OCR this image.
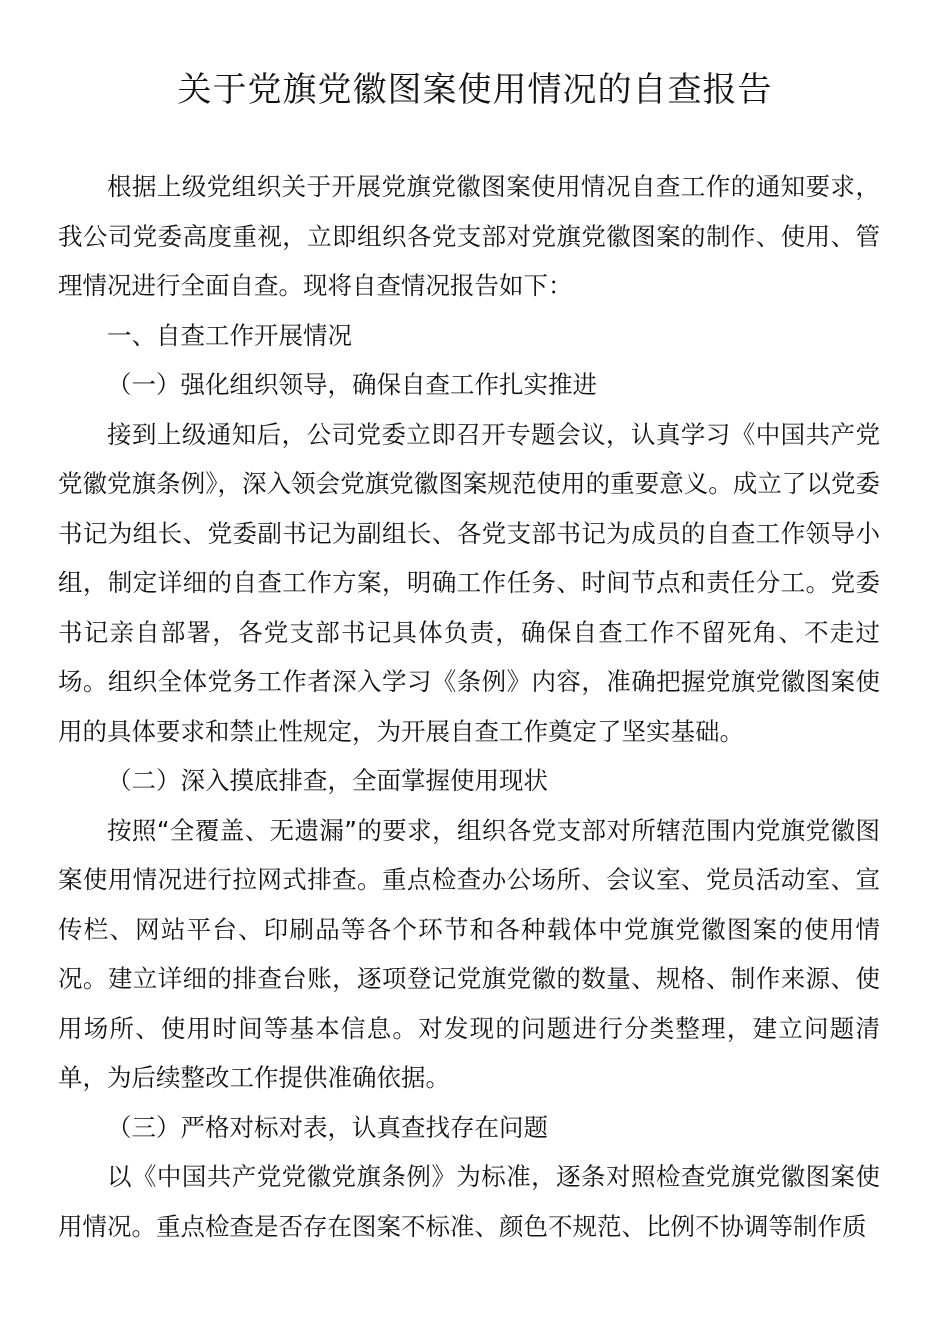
关于党旗党徽图案使用情况的自查报告

根据上级党组织关于开展党旗党徽图案使用情况自查工作的通知要求，我公司党委高度重视，立即组织各党支部对党旗党徽图案的制作、使用、管理情况进行全面自查。现将自查情况报告如下：

一、自查工作开展情况

（一）强化组织领导，确保自查工作扎实推进

接到上级通知后，公司党委立即召开专题会议，认真学习《中国共产党党徽党旗条例》，深入领会党旗党徽图案规范使用的重要意义。成立了以党委书记为组长、党委副书记为副组长、各党支部书记为成员的自查工作领导小组，制定详细的自查工作方案，明确工作任务、时间节点和责任分工。党委书记亲自部署，各党支部书记具体负责，确保自查工作不留死角、不走过场。组织全体党务工作者深入学习《条例》内容，准确把握党旗党徽图案使用的具体要求和禁止性规定，为开展自查工作奠定了坚实基础。

（二）深入摸底排查，全面掌握使用现状

按照“全覆盖、无遗漏”的要求，组织各党支部对所辖范围内党旗党徽图案使用情况进行拉网式排查。重点检查办公场所、会议室、党员活动室、宣传栏、网站平台、印刷品等各个环节和各种载体中党旗党徽图案的使用情况。建立详细的排查台账，逐项登记党旗党徽的数量、规格、制作来源、使用场所、使用时间等基本信息。对发现的问题进行分类整理，建立问题清单，为后续整改工作提供准确依据。

（三）严格对标对表，认真查找存在问题

以《中国共产党党徽党旗条例》为标准，逐条对照检查党旗党徽图案使用情况。重点检查是否存在图案不标准、颜色不规范、比例不协调等制作质
